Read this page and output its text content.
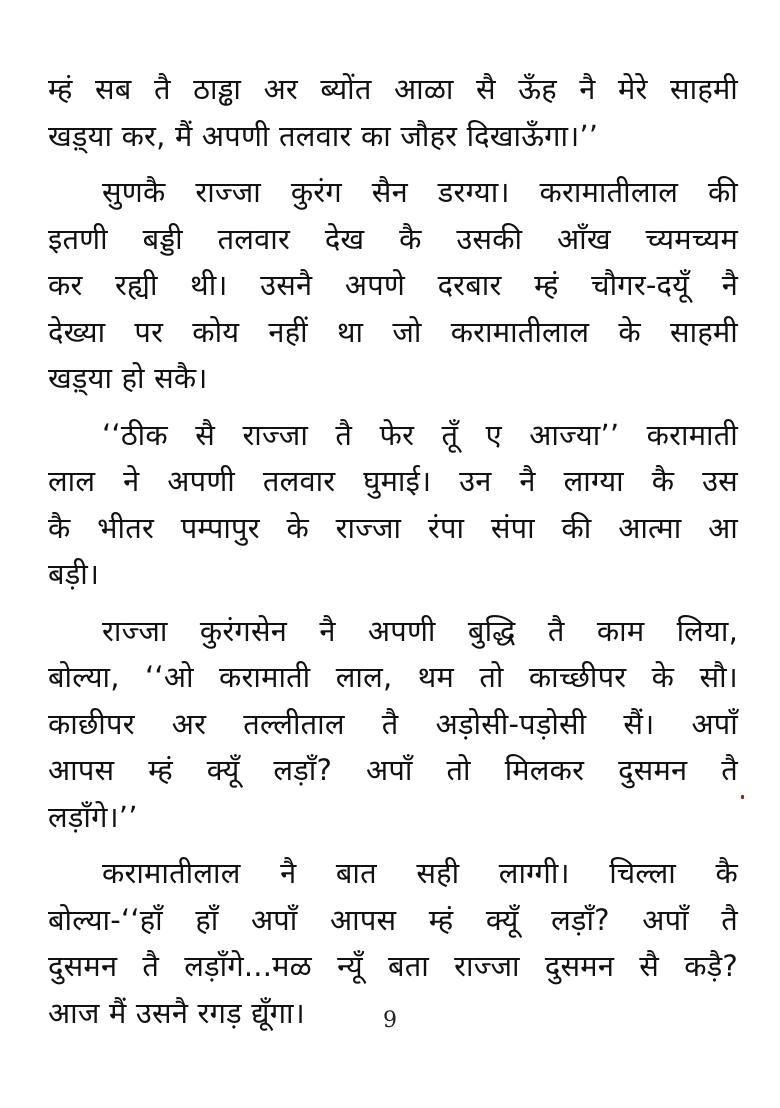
म्हं सब तै ठाड्ढा अर ब्योंत आळा सै ऊँह नै मेरे साहमी
खड़्या कर, मैं अपणी तलवार का जौहर दिखाऊँगा।’’

सुणकै राज्जा कुरंग सैन डरग्या। करामातीलाल की
इतणी बड्डी तलवार देख कै उसकी आँख च्यमच्यम
कर रह्यी थी। उसनै अपणे दरबार म्हं चौगर-दयूँ नै
देख्या पर कोय नहीं था जो करामातीलाल के साहमी
खड़्या हो सकै।

‘‘ठीक सै राज्जा तै फेर तूँ ए आज्या’’ करामाती
लाल ने अपणी तलवार घुमाई। उन नै लाग्या कै उस
कै भीतर पम्पापुर के राज्जा रंपा संपा की आत्मा आ
बड़ी।

राज्जा कुरंगसेन नै अपणी बुद्धि तै काम लिया,
बोल्या, ‘‘ओ करामाती लाल, थम तो काच्छीपर के सौ।
काछीपर अर तल्लीताल तै अड़ोसी-पड़ोसी सैं। अपाँ
आपस म्हं क्यूँ लड़ाँ? अपाँ तो मिलकर दुसमन तै
लड़ाँगे।’’

करामातीलाल नै बात सही लाग्गी। चिल्ला कै
बोल्या-‘‘हाँ हाँ अपाँ आपस म्हं क्यूँ लड़ाँ? अपाँ तै
दुसमन तै लड़ाँगे...मळ न्यूँ बता राज्जा दुसमन सै कड़ै?
आज मैं उसनै रगड़ द्यूँगा।	9
